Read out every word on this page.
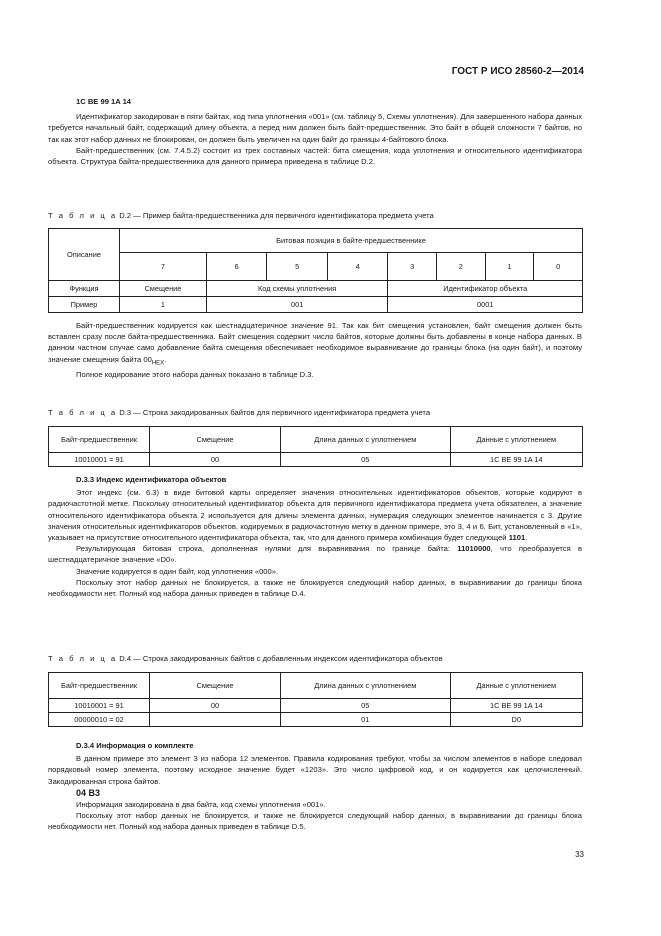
ГОСТ Р ИСО 28560-2—2014
1C BE 99 1A 14

Идентификатор закодирован в пяти байтах, код типа уплотнения «001» (см. таблицу 5, Схемы уплотнения). Для завершенного набора данных требуется начальный байт, содержащий длину объекта, а перед ним должен быть байт-предшественник. Это байт в общей сложности 7 байтов, но так как этот набор данных не блокирован, он должен быть увеличен на один байт до границы 4-байтового блока.

Байт-предшественник (см. 7.4.5.2) состоит из трех составных частей: бита смещения, кода уплотнения и относительного идентификатора объекта. Структура байта-предшественника для данного примера приведена в таблице D.2.

Т а б л и ц а D.2 — Пример байта-предшественника для первичного идентификатора предмета учета
Описание	Битовая позиция в байте-предшественнике							
	7	6	5	4	3	2	1	0
Функция	Смещение	Код схемы уплотнения			Идентификатор объекта			
Пример	1	001			0001			

Байт-предшественник кодируется как шестнадцатеричное значение 91. Так как бит смещения установлен, байт смещения должен быть вставлен сразу после байта-предшественника. Байт смещения содержит число байтов, которые должны быть добавлены в конце набора данных. В данном частном случае само добавление байта смещения обеспечивает необходимое выравнивание до границы блока (на один байт), и поэтому значение смещения байта $00_{HEX}$.

Полное кодирование этого набора данных показано в таблице D.3.

Т а б л и ц а D.3 — Строка закодированных байтов для первичного идентификатора предмета учета
Байт-предшественник	Смещение	Длина данных с уплотнением	Данные с уплотнением
10010001 = 91	00	05	1C BE 99 1A 14
D.3.3 Индекс идентификатора объектов

Этот индекс (см. 6.3) в виде битовой карты определяет значения относительных идентификаторов объектов, которые кодируют в радиочастотной метке. Поскольку относительный идентификатор объекта для первичного идентификатора предмета учета обязателен, а значение относительного идентификатора объекта 2 используется для длины элемента данных, нумерация следующих элементов начинается с 3. Другие значения относительных идентификаторов объектов, кодируемых в радиочастотную метку в данном примере, это 3, 4 и 6. Бит, установленный в «1», указывает на присутствие относительного идентификатора объекта, так, что для данного примера комбинация будет следующей 1101.

Результирующая битовая строка, дополненная нулями для выравнивания по границе байта: 11010000, что преобразуется в шестнадцатеричное значение «D0».

Значение кодируется в один байт, код уплотнения «000».

Поскольку этот набор данных не блокируется, а также не блокируется следующий набор данных, в выравнивании до границы блока необходимости нет. Полный код набора данных приведен в таблице D.4.

Т а б л и ц а D.4 — Строка закодированных байтов с добавленным индексом идентификатора объектов
Байт-предшественник	Смещение	Длина данных с уплотнением	Данные с уплотнением
10010001 = 91	00	05	1C BE 99 1A 14
00000010 = 02		01	D0
D.3.4 Информация о комплекте

В данном примере это элемент 3 из набора 12 элементов. Правила кодирования требуют, чтобы за числом элементов в наборе следовал порядковый номер элемента, поэтому исходное значение будет «1203». Это число цифровой код, и он кодируется как целочисленный. Закодированная строка байтов.

04 B3

Информация закодирована в два байта, код схемы уплотнения «001».

Поскольку этот набор данных не блокируется, и также не блокируется следующий набор данных, в выравнивании до границы блока необходимости нет. Полный код набора данных приведен в таблице D.5.

33
